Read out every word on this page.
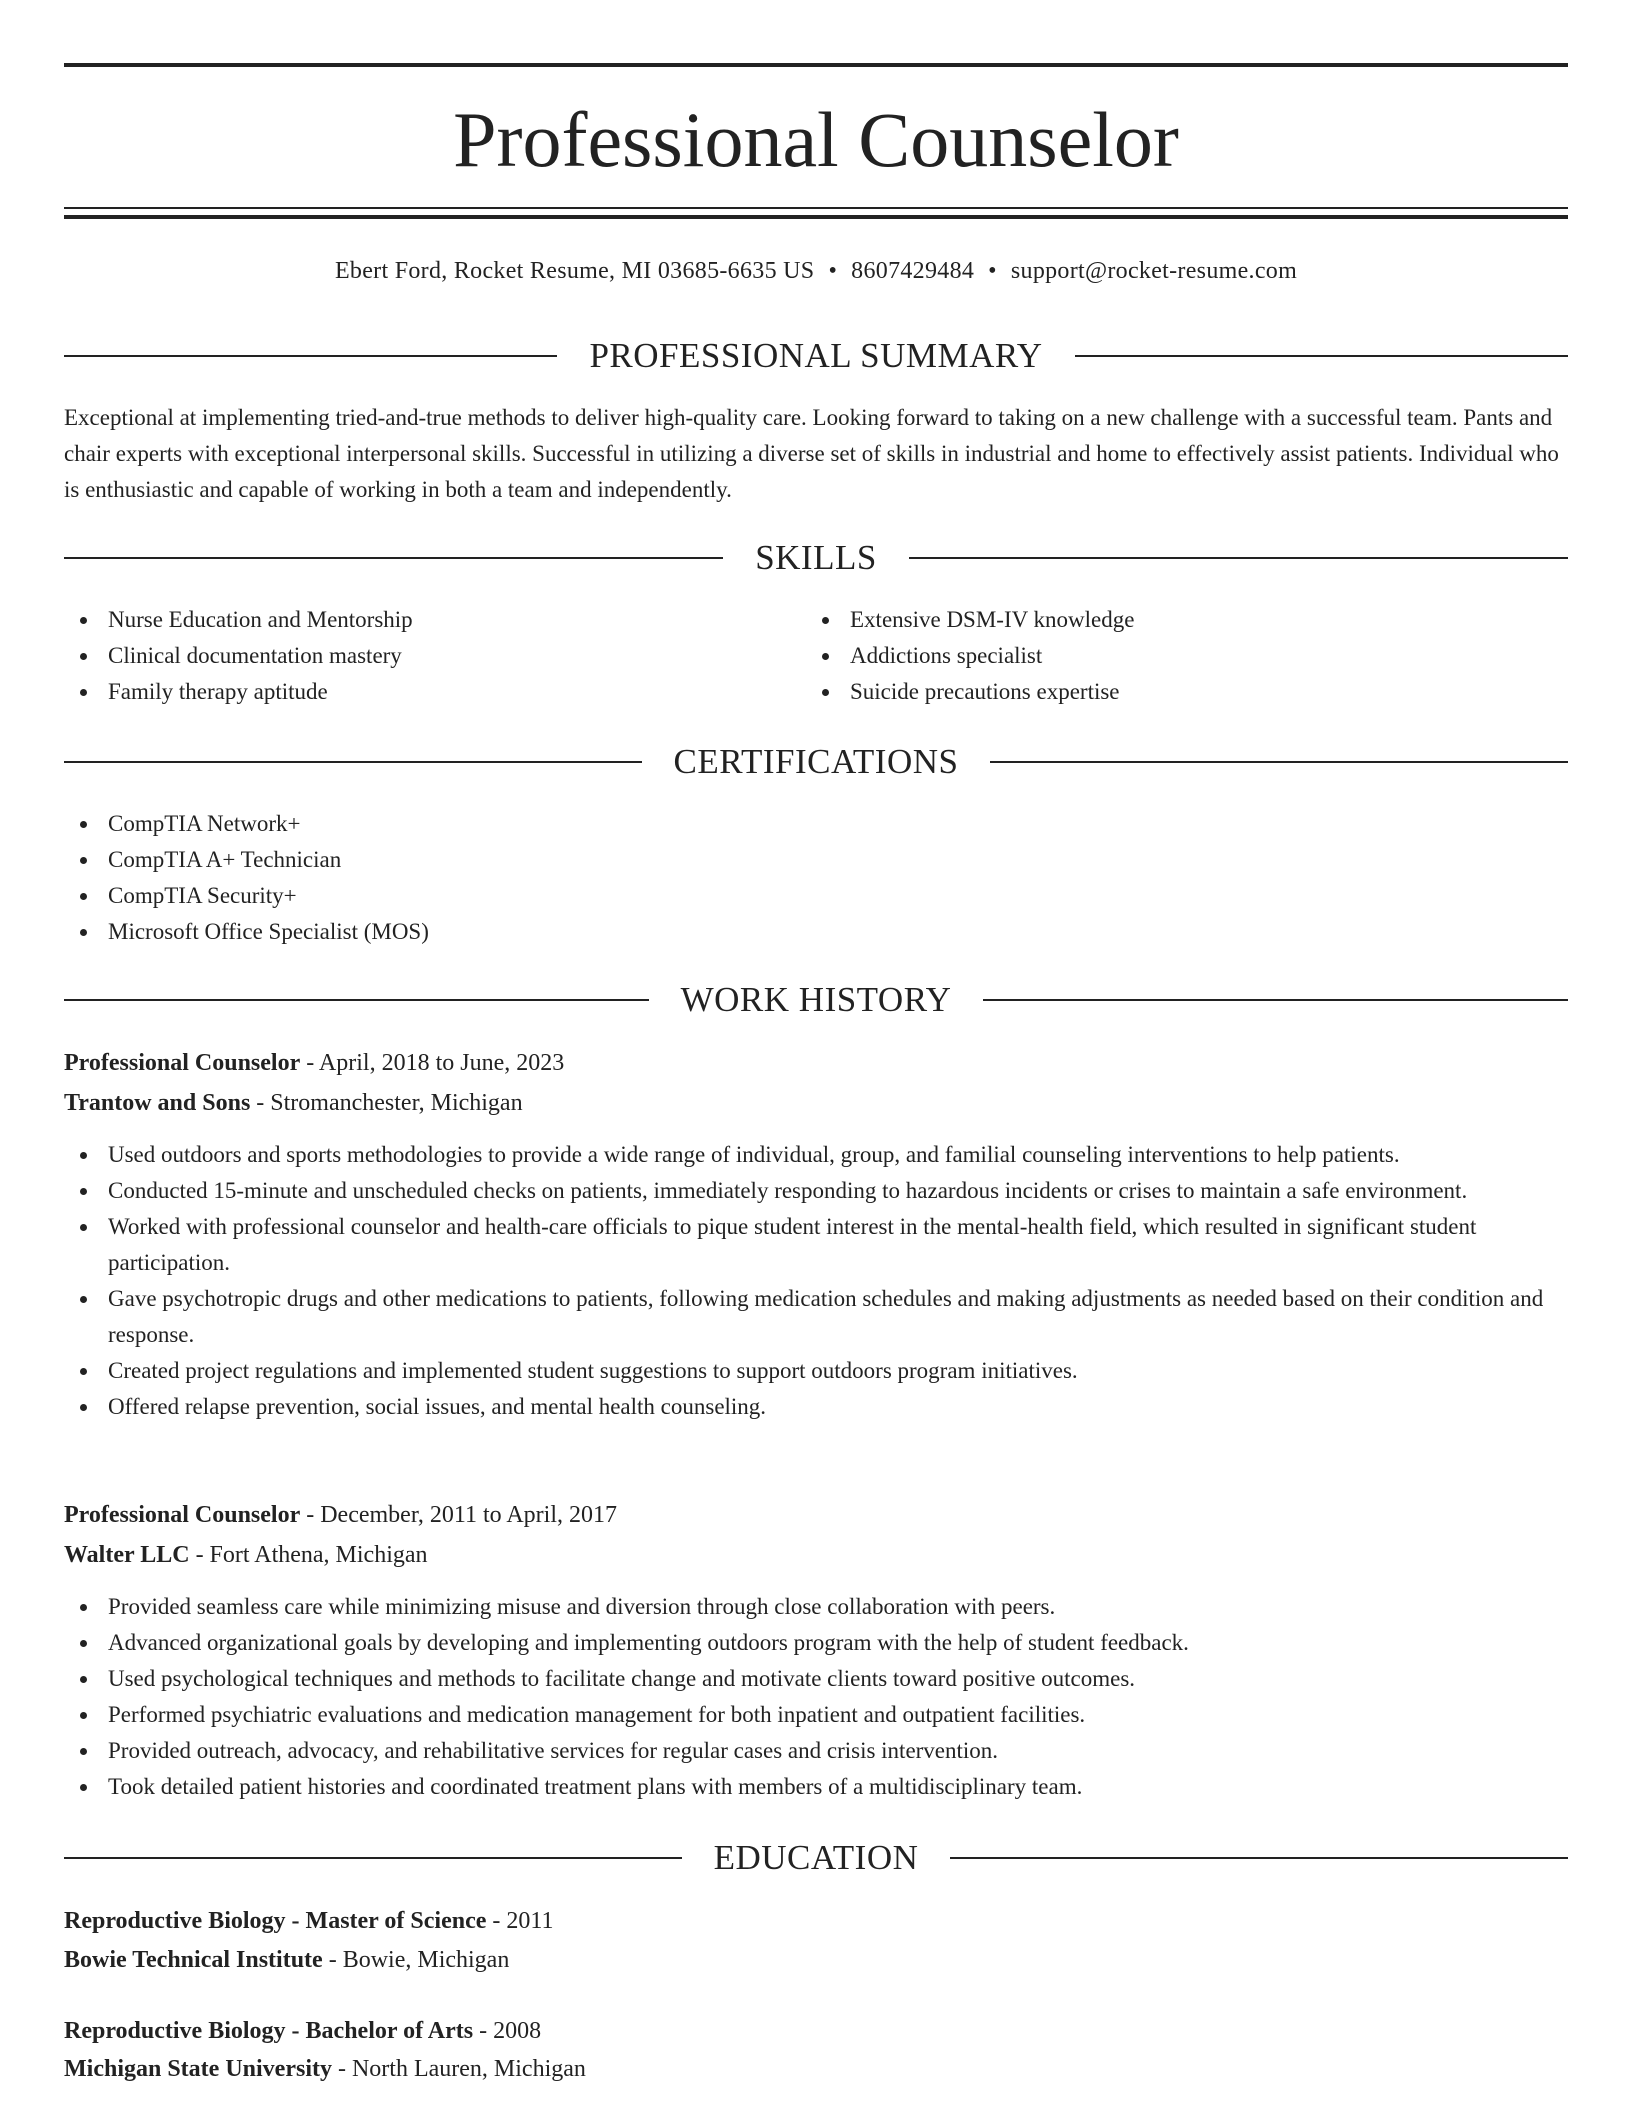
Professional Counselor
Ebert Ford, Rocket Resume, MI 03685-6635 US • 8607429484 • support@rocket-resume.com
PROFESSIONAL SUMMARY
Exceptional at implementing tried-and-true methods to deliver high-quality care. Looking forward to taking on a new challenge with a successful team. Pants and chair experts with exceptional interpersonal skills. Successful in utilizing a diverse set of skills in industrial and home to effectively assist patients. Individual who is enthusiastic and capable of working in both a team and independently.
SKILLS
Nurse Education and Mentorship
Clinical documentation mastery
Family therapy aptitude
Extensive DSM-IV knowledge
Addictions specialist
Suicide precautions expertise
CERTIFICATIONS
CompTIA Network+
CompTIA A+ Technician
CompTIA Security+
Microsoft Office Specialist (MOS)
WORK HISTORY
Professional Counselor - April, 2018 to June, 2023
Trantow and Sons - Stromanchester, Michigan
Used outdoors and sports methodologies to provide a wide range of individual, group, and familial counseling interventions to help patients.
Conducted 15-minute and unscheduled checks on patients, immediately responding to hazardous incidents or crises to maintain a safe environment.
Worked with professional counselor and health-care officials to pique student interest in the mental-health field, which resulted in significant student participation.
Gave psychotropic drugs and other medications to patients, following medication schedules and making adjustments as needed based on their condition and response.
Created project regulations and implemented student suggestions to support outdoors program initiatives.
Offered relapse prevention, social issues, and mental health counseling.
Professional Counselor - December, 2011 to April, 2017
Walter LLC - Fort Athena, Michigan
Provided seamless care while minimizing misuse and diversion through close collaboration with peers.
Advanced organizational goals by developing and implementing outdoors program with the help of student feedback.
Used psychological techniques and methods to facilitate change and motivate clients toward positive outcomes.
Performed psychiatric evaluations and medication management for both inpatient and outpatient facilities.
Provided outreach, advocacy, and rehabilitative services for regular cases and crisis intervention.
Took detailed patient histories and coordinated treatment plans with members of a multidisciplinary team.
EDUCATION
Reproductive Biology - Master of Science - 2011
Bowie Technical Institute - Bowie, Michigan
Reproductive Biology - Bachelor of Arts - 2008
Michigan State University - North Lauren, Michigan
